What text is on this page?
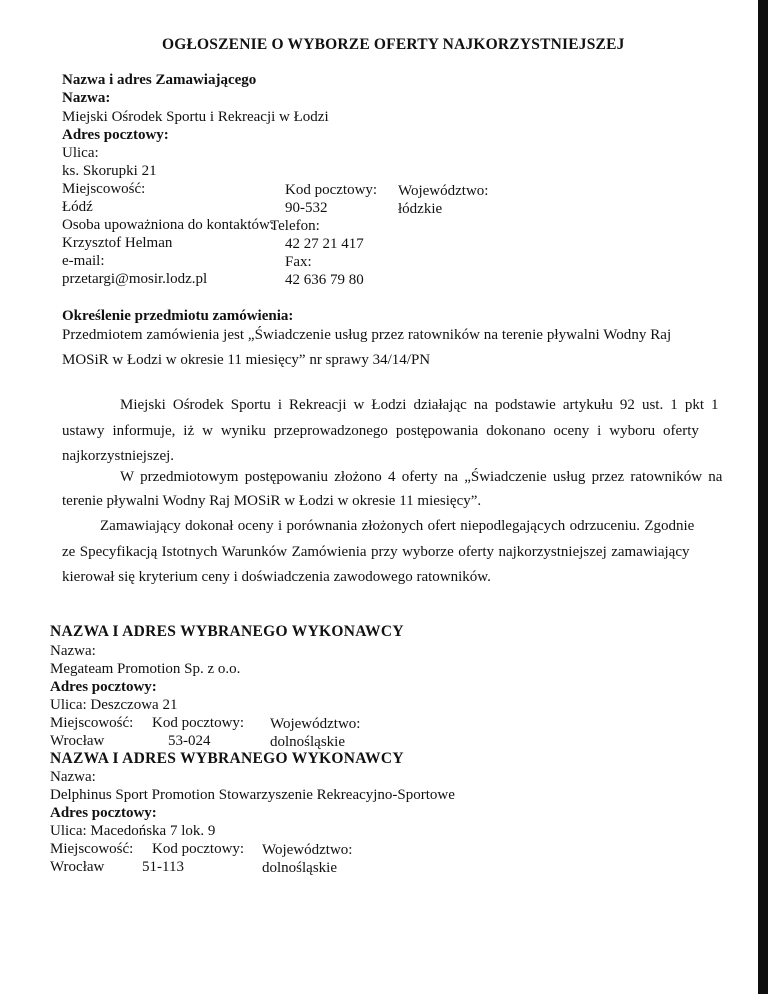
OGŁOSZENIE O WYBORZE OFERTY NAJKORZYSTNIEJSZEJ
Nazwa i adres Zamawiającego
Nazwa:
Miejski Ośrodek Sportu i Rekreacji w Łodzi
Adres pocztowy:
Ulica:
ks. Skorupki 21
Miejscowość:	Kod pocztowy: Województwo:
Łódź	90-532	łódzkie
Osoba upoważniona do kontaktów:
Telefon:
Krzysztof Helman	42 27 21 417
e-mail:	Fax:
przetargi@mosir.lodz.pl	42 636 79 80
Określenie przedmiotu zamówienia:
Przedmiotem zamówienia jest „Świadczenie usług przez ratowników na terenie pływalni Wodny Raj
MOSiR w Łodzi w okresie 11 miesięcy” nr sprawy 34/14/PN
Miejski Ośrodek Sportu i Rekreacji w Łodzi działając na podstawie artykułu 92 ust. 1 pkt 1
ustawy informuje, iż w wyniku przeprowadzonego postępowania dokonano oceny i wyboru oferty
najkorzystniejszej.
W przedmiotowym postępowaniu złożono 4 oferty na „Świadczenie usług przez ratowników na
terenie pływalni Wodny Raj MOSiR w Łodzi w okresie 11 miesięcy”.
Zamawiający dokonał oceny i porównania złożonych ofert niepodlegających odrzuceniu. Zgodnie
ze Specyfikacją Istotnych Warunków Zamówienia przy wyborze oferty najkorzystniejszej zamawiający
kierował się kryterium ceny i doświadczenia zawodowego ratowników.
NAZWA I ADRES WYBRANEGO WYKONAWCY
Nazwa:
Megateam Promotion Sp. z o.o.
Adres pocztowy:
Ulica: Deszczowa 21
Miejscowość: Kod pocztowy: Województwo:
Wrocław	53-024	dolnośląskie
NAZWA I ADRES WYBRANEGO WYKONAWCY
Nazwa:
Delphinus Sport Promotion Stowarzyszenie Rekreacyjno-Sportowe
Adres pocztowy:
Ulica: Macedońska 7 lok. 9
Miejscowość: Kod pocztowy: Województwo:
Wrocław	51-113	dolnośląskie
